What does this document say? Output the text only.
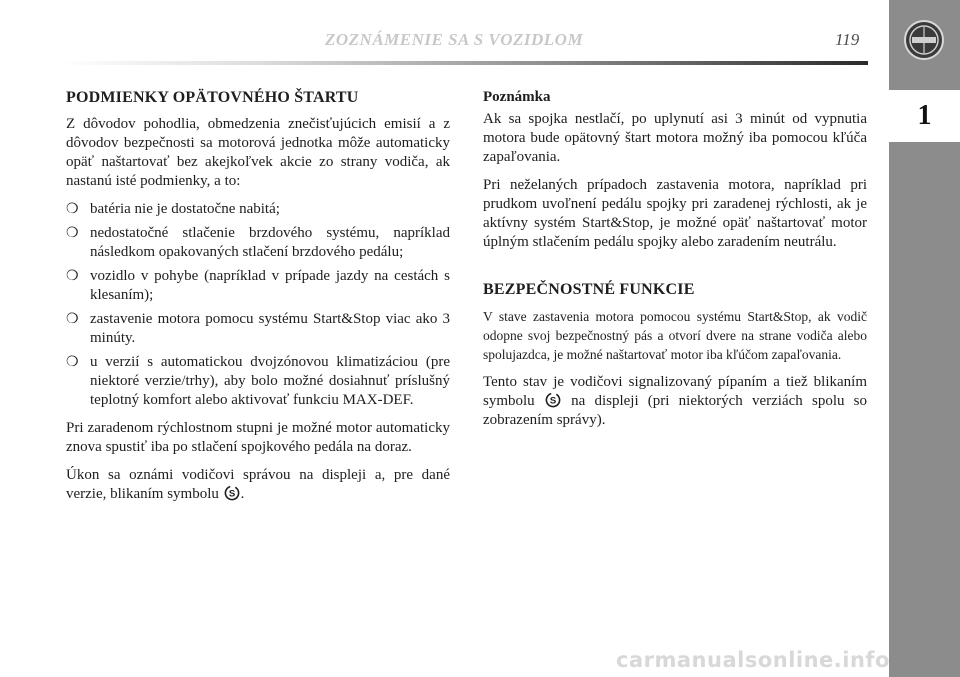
ZOZNÁMENIE SA S VOZIDLOM	119
1
PODMIENKY OPÄTOVNÉHO ŠTARTU

Z dôvodov pohodlia, obmedzenia znečisťujúcich emisií a z dôvodov bezpečnosti sa motorová jednotka môže automaticky opäť naštartovať bez akejkoľvek akcie zo strany vodiča, ak nastanú isté podmienky, a to:

❍ batéria nie je dostatočne nabitá;
❍ nedostatočné stlačenie brzdového systému, napríklad následkom opakovaných stlačení brzdového pedálu;
❍ vozidlo v pohybe (napríklad v prípade jazdy na cestách s klesaním);
❍ zastavenie motora pomocu systému Start&Stop viac ako 3 minúty.
❍ u verzií s automatickou dvojzónovou klimatizáciou (pre niektoré verzie/trhy), aby bolo možné dosiahnuť príslušný teplotný komfort alebo aktivovať funkciu MAX-DEF.

Pri zaradenom rýchlostnom stupni je možné motor automaticky znova spustiť iba po stlačení spojkového pedála na doraz.

Úkon sa oznámi vodičovi správou na displeji a, pre dané verzie, blikaním symbolu S .

Poznámka

Ak sa spojka nestlačí, po uplynutí asi 3 minút od vypnutia motora bude opätovný štart motora možný iba pomocou kľúča zapaľovania.

Pri neželaných prípadoch zastavenia motora, napríklad pri prudkom uvoľnení pedálu spojky pri zaradenej rýchlosti, ak je aktívny systém Start&Stop, je možné opäť naštartovať motor úplným stlačením pedálu spojky alebo zaradením neutrálu.

BEZPEČNOSTNÉ FUNKCIE

V stave zastavenia motora pomocou systému Start&Stop, ak vodič odopne svoj bezpečnostný pás a otvorí dvere na strane vodiča alebo spolujazdca, je možné naštartovať motor iba kľúčom zapaľovania.

Tento stav je vodičovi signalizovaný pípaním a tiež blikaním symbolu S na displeji (pri niektorých verziách spolu so zobrazením správy).

carmanualsonline.info
